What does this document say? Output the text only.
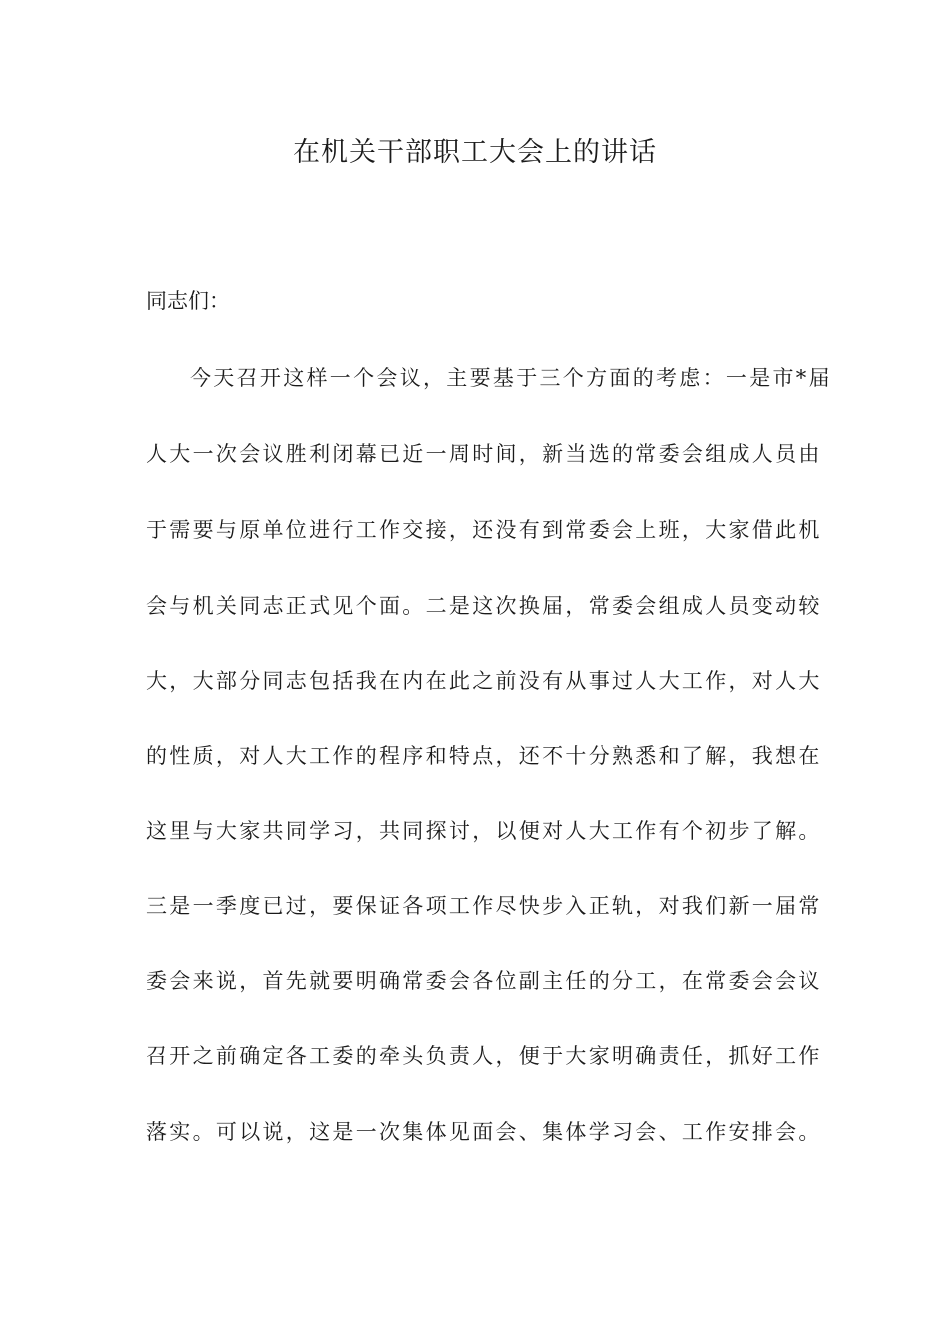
在机关干部职工大会上的讲话

同志们：

今天召开这样一个会议，主要基于三个方面的考虑：一是市*届

人大一次会议胜利闭幕已近一周时间，新当选的常委会组成人员由

于需要与原单位进行工作交接，还没有到常委会上班，大家借此机

会与机关同志正式见个面。二是这次换届，常委会组成人员变动较

大，大部分同志包括我在内在此之前没有从事过人大工作，对人大

的性质，对人大工作的程序和特点，还不十分熟悉和了解，我想在

这里与大家共同学习，共同探讨，以便对人大工作有个初步了解。

三是一季度已过，要保证各项工作尽快步入正轨，对我们新一届常

委会来说，首先就要明确常委会各位副主任的分工，在常委会会议

召开之前确定各工委的牵头负责人，便于大家明确责任，抓好工作

落实。可以说，这是一次集体见面会、集体学习会、工作安排会。
